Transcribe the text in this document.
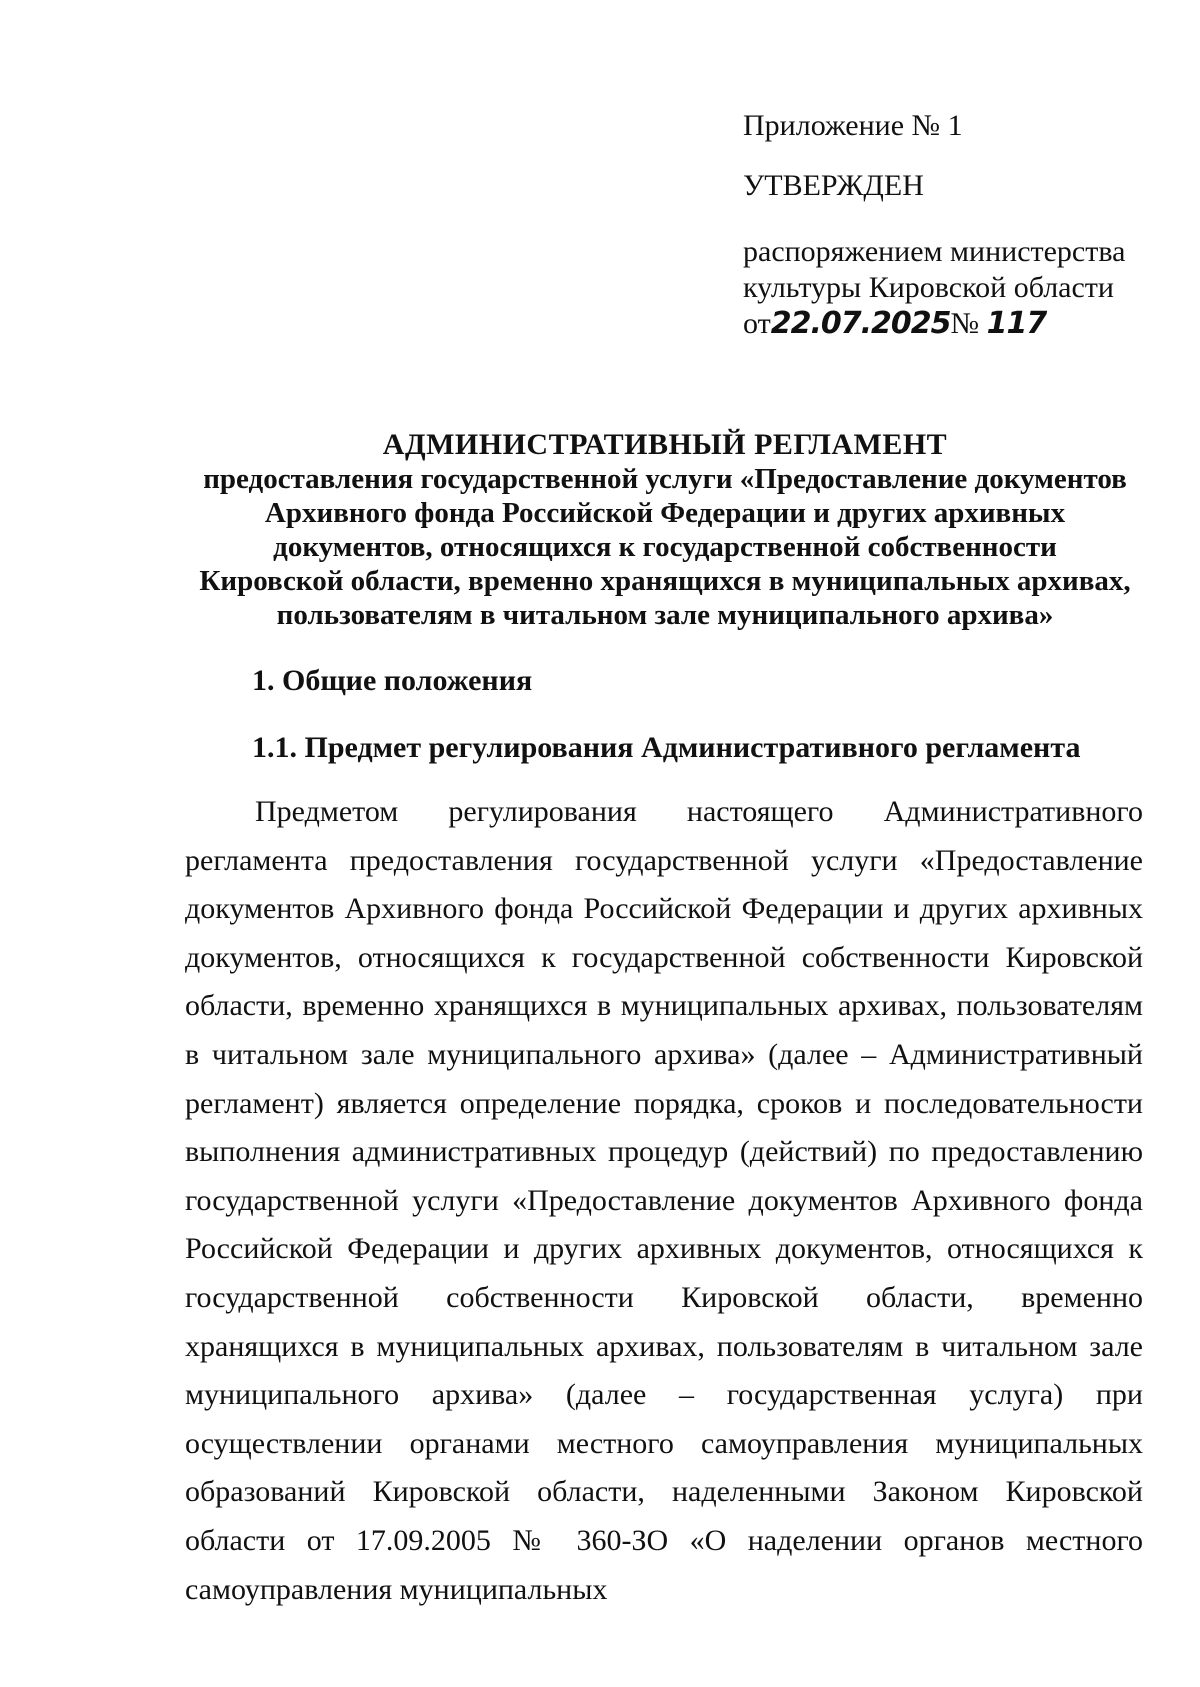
Приложение № 1

УТВЕРЖДЕН

распоряжением министерства

культуры Кировской области

от22.07.2025№ 117

АДМИНИСТРАТИВНЫЙ РЕГЛАМЕНТ
предоставления государственной услуги «Предоставление документов
Архивного фонда Российской Федерации и других архивных
документов, относящихся к государственной собственности
Кировской области, временно хранящихся в муниципальных архивах,
пользователям в читальном зале муниципального архива»

1. Общие положения

1.1. Предмет регулирования Административного регламента

Предметом регулирования настоящего Административного регламента предоставления государственной услуги «Предоставление документов Архивного фонда Российской Федерации и других архивных документов, относящихся к государственной собственности Кировской области, временно хранящихся в муниципальных архивах, пользователям в читальном зале муниципального архива» (далее – Административный регламент) является определение порядка, сроков и последовательности выполнения административных процедур (действий) по предоставлению государственной услуги «Предоставление документов Архивного фонда Российской Федерации и других архивных документов, относящихся к государственной собственности Кировской области, временно хранящихся в муниципальных архивах, пользователям в читальном зале муниципального архива» (далее – государственная услуга) при осуществлении органами местного самоуправления муниципальных образований Кировской области, наделенными Законом Кировской области от 17.09.2005 № 360-ЗО «О наделении органов местного самоуправления муниципальных
